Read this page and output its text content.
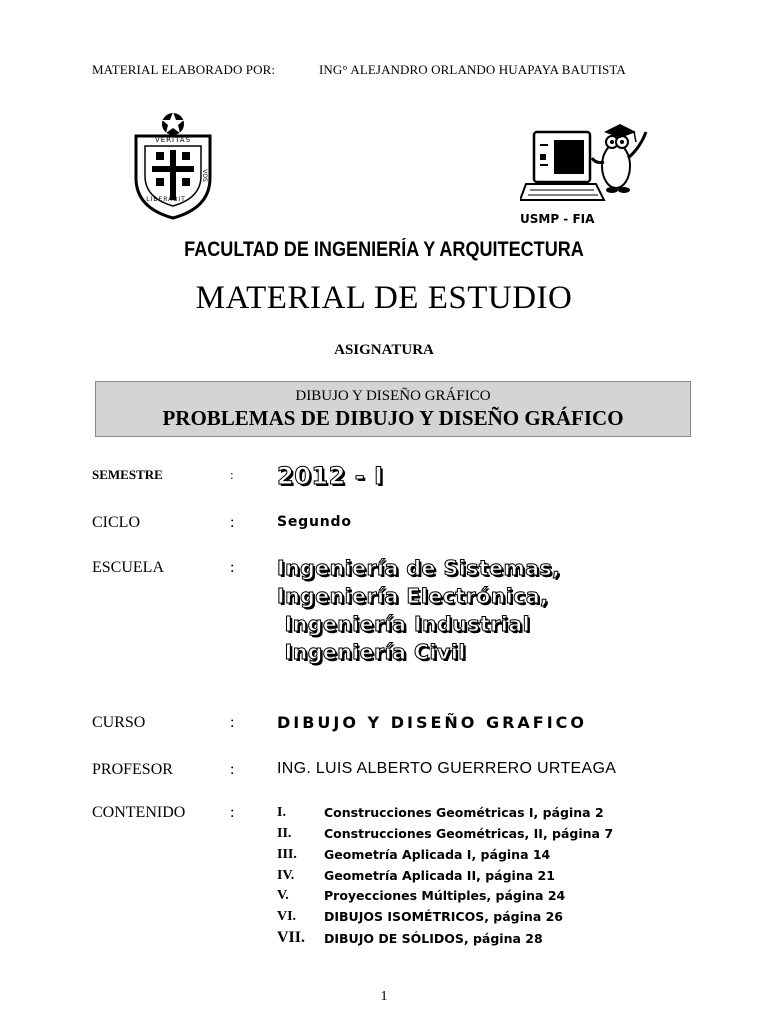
MATERIAL ELABORADO POR:	ING° ALEJANDRO ORLANDO HUAPAYA BAUTISTA
VERITAS
LIBERABIT
VOS
USMP - FIA
FACULTAD DE INGENIERÍA Y ARQUITECTURA
MATERIAL DE ESTUDIO
ASIGNATURA
DIBUJO Y DISEÑO GRÁFICO
PROBLEMAS DE DIBUJO Y DISEÑO GRÁFICO
SEMESTRE	: 2012 - I
CICLO	:	Segundo
ESCUELA	: Ingeniería de Sistemas,
Ingeniería Electrónica,
Ingeniería Industrial
Ingeniería Civil
CURSO	:	DIBUJO Y DISEÑO GRAFICO
PROFESOR	:	ING. LUIS ALBERTO GUERRERO URTEAGA
CONTENIDO	:	I.	Construcciones Geométricas I, página 2
II.	Construcciones Geométricas, II, página 7
III. Geometría Aplicada I, página 14
IV. Geometría Aplicada II, página 21
V.	Proyecciones Múltiples, página 24
VI. DIBUJOS ISOMÉTRICOS, página 26
VII. DIBUJO DE SÓLIDOS, página 28
1
